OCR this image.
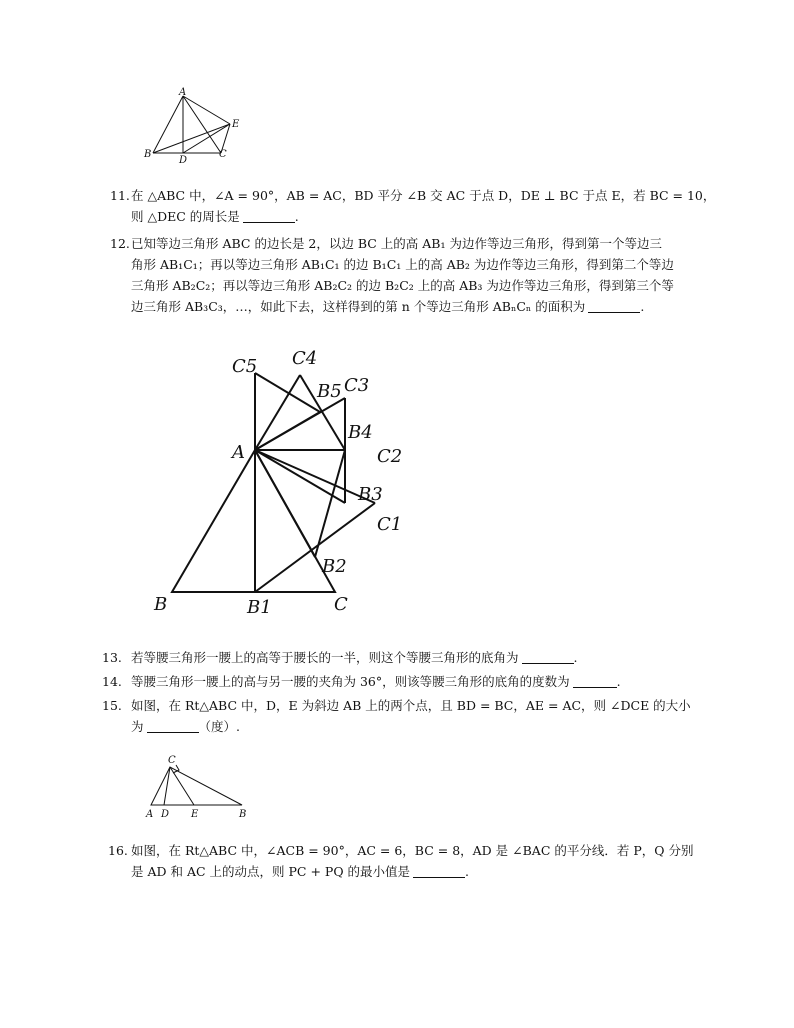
A
E
B
D
C
11. 在 △ABC 中，∠A = 90°，AB = AC，BD 平分 ∠B 交 AC 于点 D，DE ⊥ BC 于点 E，若 BC = 10，
则 △DEC 的周长是	.
12. 已知等边三角形 ABC 的边长是 2，以边 BC 上的高 AB₁ 为边作等边三角形，得到第一个等边三
角形 AB₁C₁；再以等边三角形 AB₁C₁ 的边 B₁C₁ 上的高 AB₂ 为边作等边三角形，得到第二个等边
三角形 AB₂C₂；再以等边三角形 AB₂C₂ 的边 B₂C₂ 上的高 AB₃ 为边作等边三角形，得到第三个等
边三角形 AB₃C₃，…，如此下去，这样得到的第 n 个等边三角形 ABₙCₙ 的面积为	.
C5 C4
C3
B5
B4
A	C2
B3
C1
B2
B	B1	C
13. 若等腰三角形一腰上的高等于腰长的一半，则这个等腰三角形的底角为	.
14. 等腰三角形一腰上的高与另一腰的夹角为 36°，则该等腰三角形的底角的度数为	.
15. 如图，在 Rt△ABC 中，D，E 为斜边 AB 上的两个点，且 BD = BC，AE = AC，则 ∠DCE 的大小
为	（度）.
C
A D E	B
16. 如图，在 Rt△ABC 中，∠ACB = 90°，AC = 6，BC = 8，AD 是 ∠BAC 的平分线．若 P，Q 分别
是 AD 和 AC 上的动点，则 PC + PQ 的最小值是	.
